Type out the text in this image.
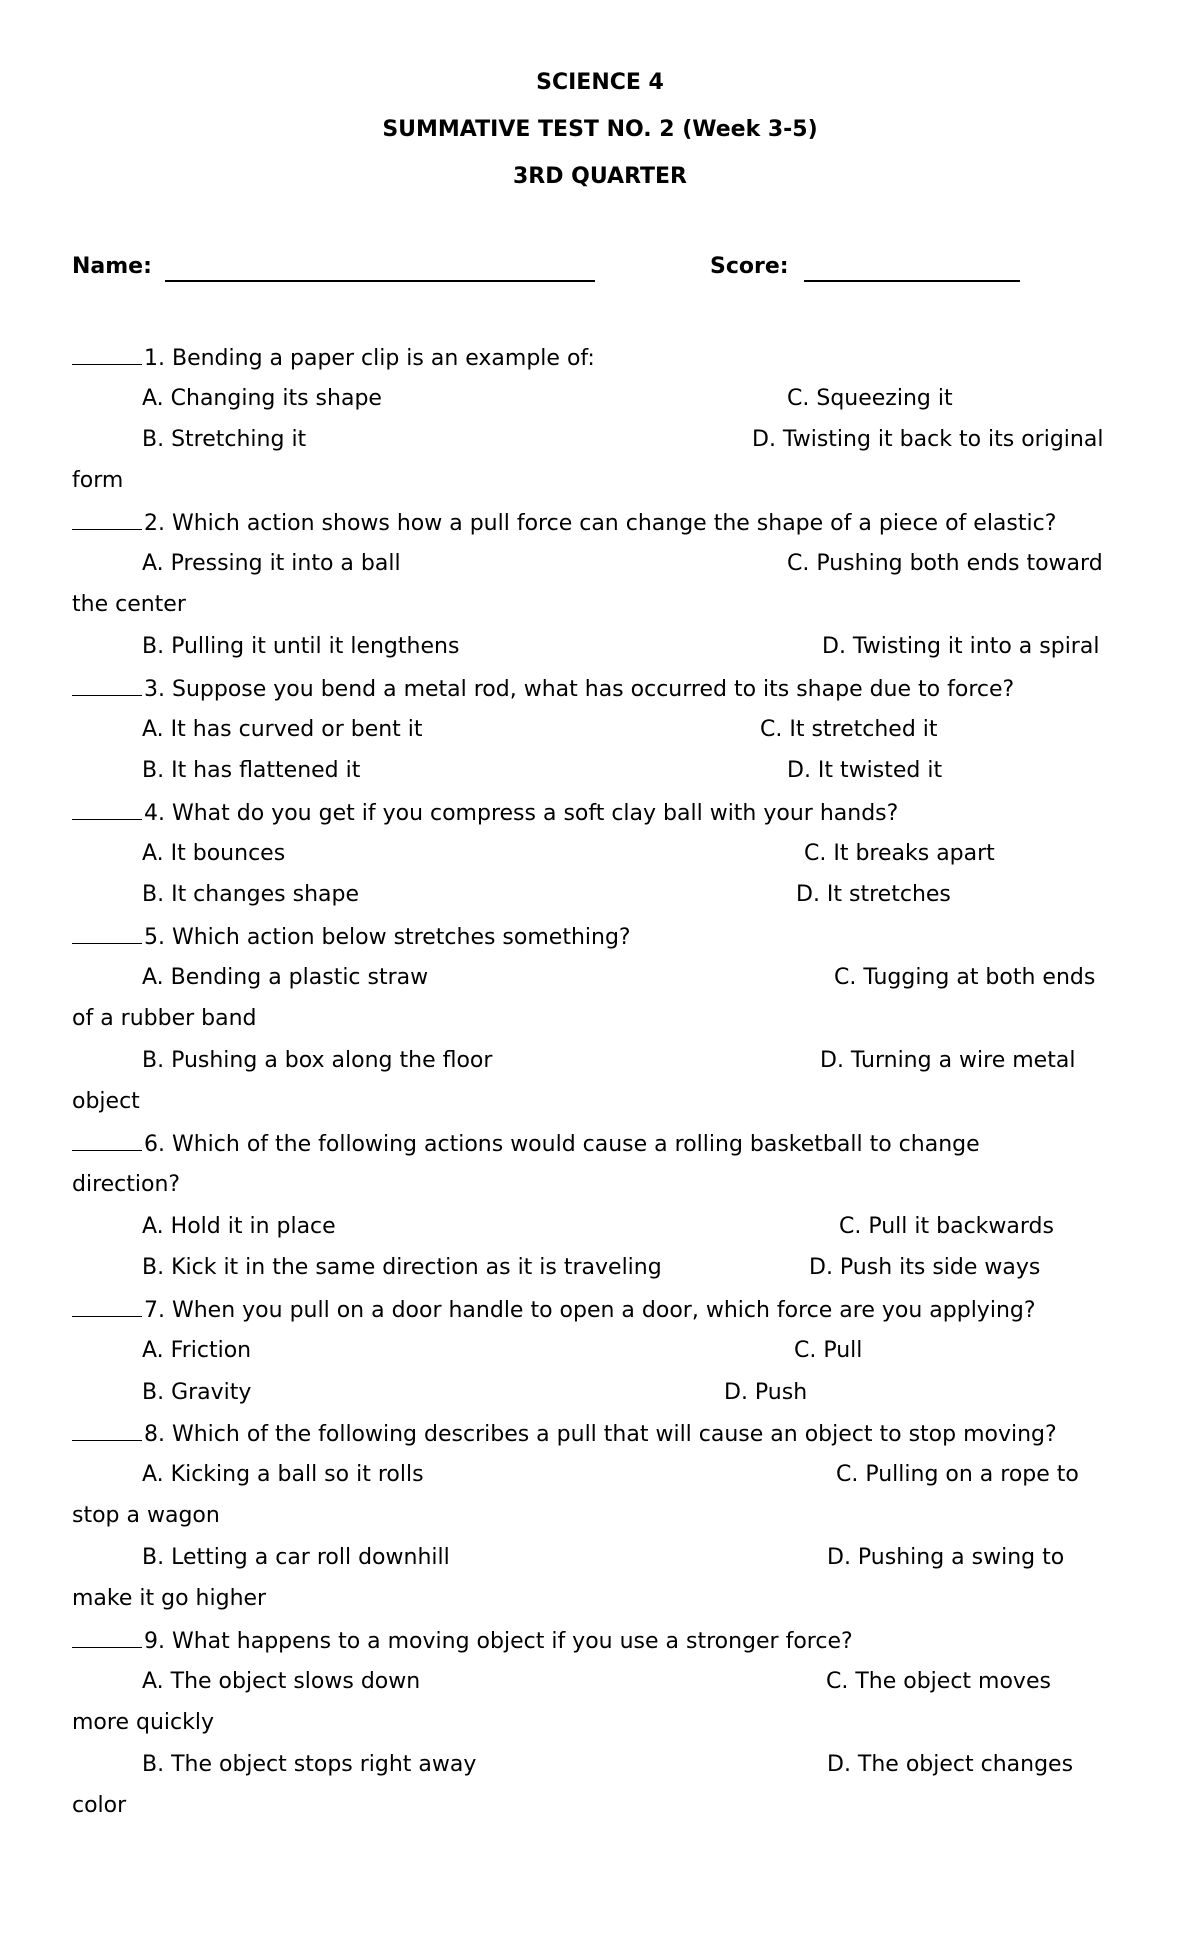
SCIENCE 4
SUMMATIVE TEST NO. 2 (Week 3-5)
3RD QUARTER
Name:	Score:
1. Bending a paper clip is an example of:
A. Changing its shape	C. Squeezing it
B. Stretching it	D. Twisting it back to its original
form
2. Which action shows how a pull force can change the shape of a piece of elastic?
A. Pressing it into a ball	C. Pushing both ends toward
the center
B. Pulling it until it lengthens	D. Twisting it into a spiral
3. Suppose you bend a metal rod, what has occurred to its shape due to force?
A. It has curved or bent it	C. It stretched it
B. It has flattened it	D. It twisted it
4. What do you get if you compress a soft clay ball with your hands?
A. It bounces	C. It breaks apart
B. It changes shape	D. It stretches
5. Which action below stretches something?
A. Bending a plastic straw	C. Tugging at both ends
of a rubber band
B. Pushing a box along the floor	D. Turning a wire metal
object
6. Which of the following actions would cause a rolling basketball to change
direction?
A. Hold it in place	C. Pull it backwards
B. Kick it in the same direction as it is traveling	D. Push its side ways
7. When you pull on a door handle to open a door, which force are you applying?
A. Friction	C. Pull
B. Gravity	D. Push
8. Which of the following describes a pull that will cause an object to stop moving?
A. Kicking a ball so it rolls	C. Pulling on a rope to
stop a wagon
B. Letting a car roll downhill	D. Pushing a swing to
make it go higher
9. What happens to a moving object if you use a stronger force?
A. The object slows down	C. The object moves
more quickly
B. The object stops right away	D. The object changes
color
